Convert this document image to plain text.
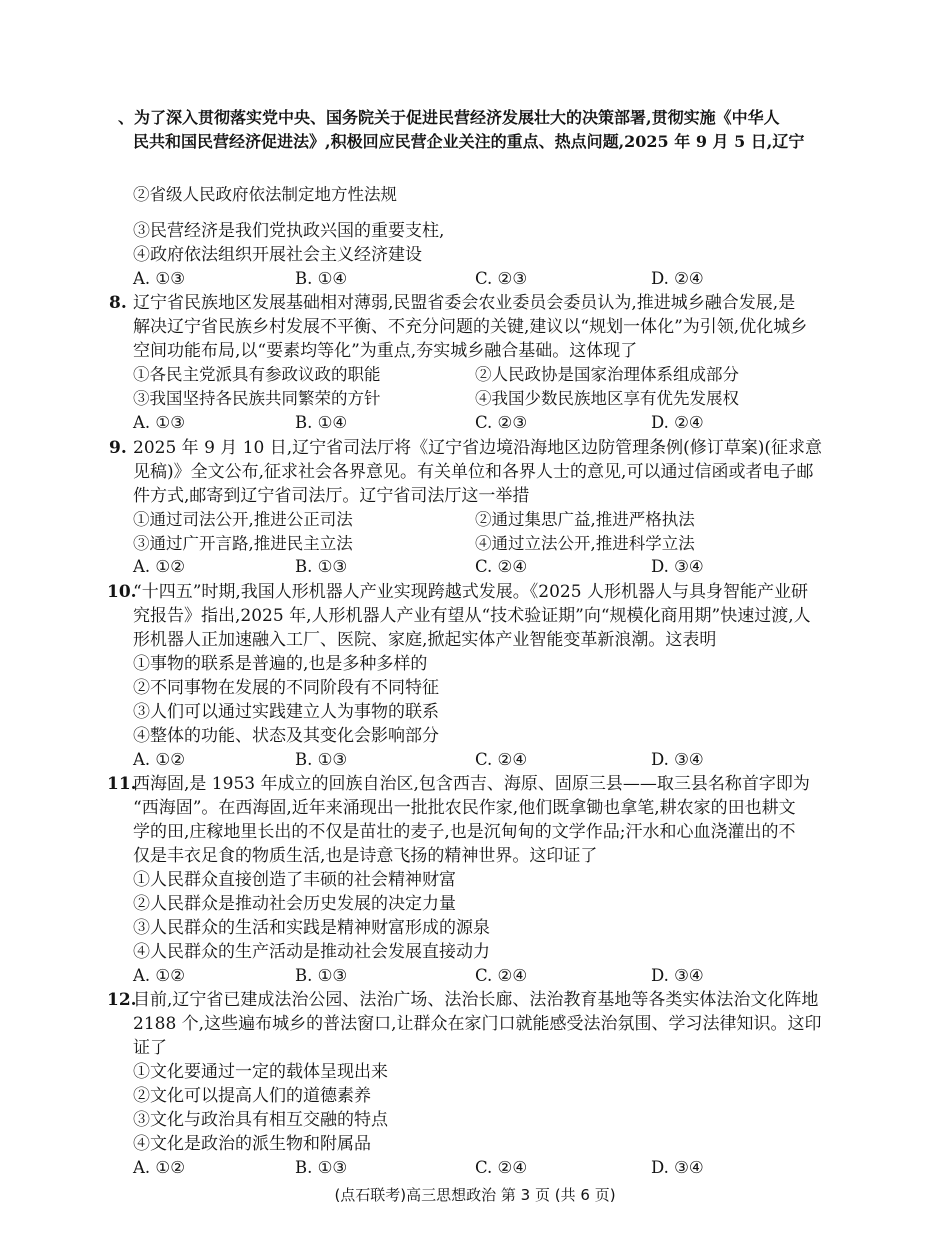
、为了深入贯彻落实党中央、国务院关于促进民营经济发展壮大的决策部署,贯彻实施《中华人
民共和国民营经济促进法》,积极回应民营企业关注的重点、热点问题,2025 年 9 月 5 日,辽宁
②省级人民政府依法制定地方性法规
③民营经济是我们党执政兴国的重要支柱,
④政府依法组织开展社会主义经济建设
A. ①③	B. ①④	C. ②③	D. ②④
8. 辽宁省民族地区发展基础相对薄弱,民盟省委会农业委员会委员认为,推进城乡融合发展,是
解决辽宁省民族乡村发展不平衡、不充分问题的关键,建议以“规划一体化”为引领,优化城乡
空间功能布局,以“要素均等化”为重点,夯实城乡融合基础。这体现了
①各民主党派具有参政议政的职能	②人民政协是国家治理体系组成部分
③我国坚持各民族共同繁荣的方针	④我国少数民族地区享有优先发展权
A. ①③	B. ①④	C. ②③	D. ②④
9. 2025 年 9 月 10 日,辽宁省司法厅将《辽宁省边境沿海地区边防管理条例(修订草案)(征求意
见稿)》全文公布,征求社会各界意见。有关单位和各界人士的意见,可以通过信函或者电子邮
件方式,邮寄到辽宁省司法厅。辽宁省司法厅这一举措
①通过司法公开,推进公正司法	②通过集思广益,推进严格执法
③通过广开言路,推进民主立法	④通过立法公开,推进科学立法
A. ①②	B. ①③	C. ②④	D. ③④
10.“十四五”时期,我国人形机器人产业实现跨越式发展。《2025 人形机器人与具身智能产业研
究报告》指出,2025 年,人形机器人产业有望从“技术验证期”向“规模化商用期”快速过渡,人
形机器人正加速融入工厂、医院、家庭,掀起实体产业智能变革新浪潮。这表明
①事物的联系是普遍的,也是多种多样的
②不同事物在发展的不同阶段有不同特征
③人们可以通过实践建立人为事物的联系
④整体的功能、状态及其变化会影响部分
A. ①②	B. ①③	C. ②④	D. ③④
11.西海固,是 1953 年成立的回族自治区,包含西吉、海原、固原三县——取三县名称首字即为
“西海固”。在西海固,近年来涌现出一批批农民作家,他们既拿锄也拿笔,耕农家的田也耕文
学的田,庄稼地里长出的不仅是苗壮的麦子,也是沉甸甸的文学作品;汗水和心血浇灌出的不
仅是丰衣足食的物质生活,也是诗意飞扬的精神世界。这印证了
①人民群众直接创造了丰硕的社会精神财富
②人民群众是推动社会历史发展的决定力量
③人民群众的生活和实践是精神财富形成的源泉
④人民群众的生产活动是推动社会发展直接动力
A. ①②	B. ①③	C. ②④	D. ③④
12.目前,辽宁省已建成法治公园、法治广场、法治长廊、法治教育基地等各类实体法治文化阵地
2188 个,这些遍布城乡的普法窗口,让群众在家门口就能感受法治氛围、学习法律知识。这印
证了
①文化要通过一定的载体呈现出来
②文化可以提高人们的道德素养
③文化与政治具有相互交融的特点
④文化是政治的派生物和附属品
A. ①②	B. ①③	C. ②④	D. ③④
(点石联考)高三思想政治 第 3 页 (共 6 页)
